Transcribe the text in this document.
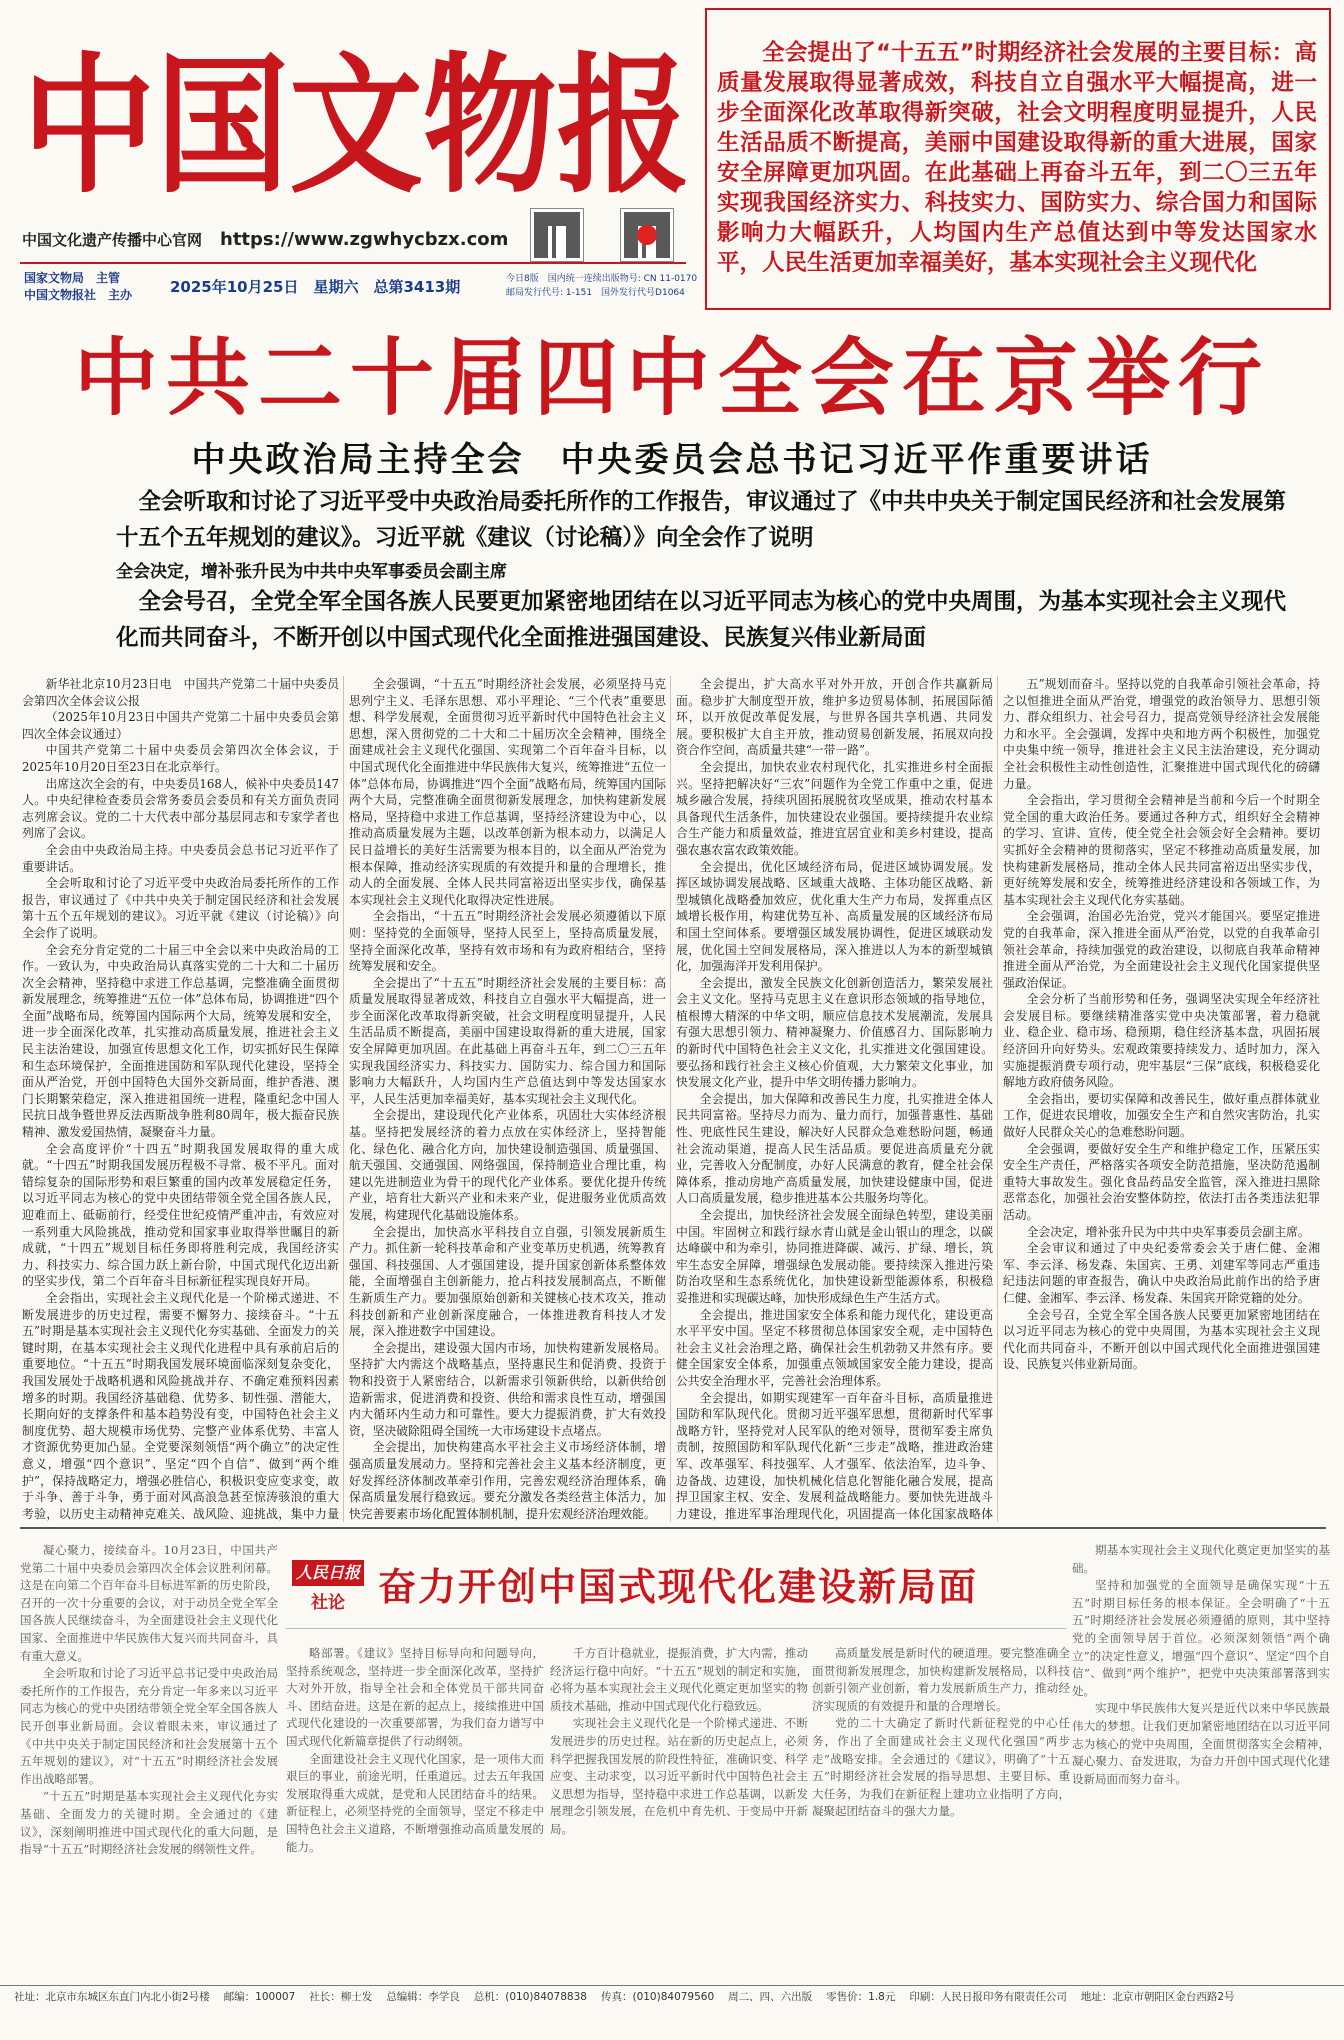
中国文物报
中国文化遗产传播中心官网 https://www.zgwhycbzx.com
国家文物局　主管
中国文物报社　主办	2025年10月25日　星期六　总第3413期	今日8版　国内统一连续出版物号: CN 11-0170
邮局发行代号: 1-151　国外发行代号D1064
全会提出了“十五五”时期经济社会发展的主要目标：高质量发展取得显著成效，科技自立自强水平大幅提高，进一步全面深化改革取得新突破，社会文明程度明显提升，人民生活品质不断提高，美丽中国建设取得新的重大进展，国家安全屏障更加巩固。在此基础上再奋斗五年，到二〇三五年实现我国经济实力、科技实力、国防实力、综合国力和国际影响力大幅跃升，人均国内生产总值达到中等发达国家水平，人民生活更加幸福美好，基本实现社会主义现代化
中共二十届四中全会在京举行
中央政治局主持全会 中央委员会总书记习近平作重要讲话
全会听取和讨论了习近平受中央政治局委托所作的工作报告，审议通过了《中共中央关于制定国民经济和社会发展第十五个五年规划的建议》。习近平就《建议（讨论稿）》向全会作了说明
全会决定，增补张升民为中共中央军事委员会副主席
全会号召，全党全军全国各族人民要更加紧密地团结在以习近平同志为核心的党中央周围，为基本实现社会主义现代化而共同奋斗，不断开创以中国式现代化全面推进强国建设、民族复兴伟业新局面

新华社北京10月23日电　中国共产党第二十届中央委员会第四次全体会议公报

（2025年10月23日中国共产党第二十届中央委员会第四次全体会议通过）

中国共产党第二十届中央委员会第四次全体会议，于2025年10月20日至23日在北京举行。

出席这次全会的有，中央委员168人，候补中央委员147人。中央纪律检查委员会常务委员会委员和有关方面负责同志列席会议。党的二十大代表中部分基层同志和专家学者也列席了会议。

全会由中央政治局主持。中央委员会总书记习近平作了重要讲话。

全会听取和讨论了习近平受中央政治局委托所作的工作报告，审议通过了《中共中央关于制定国民经济和社会发展第十五个五年规划的建议》。习近平就《建议（讨论稿）》向全会作了说明。

全会充分肯定党的二十届三中全会以来中央政治局的工作。一致认为，中央政治局认真落实党的二十大和二十届历次全会精神，坚持稳中求进工作总基调，完整准确全面贯彻新发展理念，统筹推进“五位一体”总体布局，协调推进“四个全面”战略布局，统筹国内国际两个大局，统筹发展和安全，进一步全面深化改革，扎实推动高质量发展，推进社会主义民主法治建设，加强宣传思想文化工作，切实抓好民生保障和生态环境保护，全面推进国防和军队现代化建设，坚持全面从严治党，开创中国特色大国外交新局面，维护香港、澳门长期繁荣稳定，深入推进祖国统一进程，隆重纪念中国人民抗日战争暨世界反法西斯战争胜利80周年，极大振奋民族精神、激发爱国热情，凝聚奋斗力量。

全会高度评价“十四五”时期我国发展取得的重大成就。“十四五”时期我国发展历程极不寻常、极不平凡。面对错综复杂的国际形势和艰巨繁重的国内改革发展稳定任务，以习近平同志为核心的党中央团结带领全党全国各族人民，迎难而上、砥砺前行，经受住世纪疫情严重冲击，有效应对一系列重大风险挑战，推动党和国家事业取得举世瞩目的新成就，“十四五”规划目标任务即将胜利完成，我国经济实力、科技实力、综合国力跃上新台阶，中国式现代化迈出新的坚实步伐，第二个百年奋斗目标新征程实现良好开局。

全会指出，实现社会主义现代化是一个阶梯式递进、不断发展进步的历史过程，需要不懈努力、接续奋斗。“十五五”时期是基本实现社会主义现代化夯实基础、全面发力的关键时期，在基本实现社会主义现代化进程中具有承前启后的重要地位。“十五五”时期我国发展环境面临深刻复杂变化，我国发展处于战略机遇和风险挑战并存、不确定难预料因素增多的时期。我国经济基础稳、优势多、韧性强、潜能大，长期向好的支撑条件和基本趋势没有变，中国特色社会主义制度优势、超大规模市场优势、完整产业体系优势、丰富人才资源优势更加凸显。全党要深刻领悟“两个确立”的决定性意义，增强“四个意识”、坚定“四个自信”、做到“两个维护”，保持战略定力，增强必胜信心，积极识变应变求变，敢于斗争、善于斗争，勇于面对风高浪急甚至惊涛骇浪的重大考验，以历史主动精神克难关、战风险、迎挑战，集中力量

全会强调，“十五五”时期经济社会发展，必须坚持马克思列宁主义、毛泽东思想、邓小平理论、“三个代表”重要思想、科学发展观，全面贯彻习近平新时代中国特色社会主义思想，深入贯彻党的二十大和二十届历次全会精神，围绕全面建成社会主义现代化强国、实现第二个百年奋斗目标，以中国式现代化全面推进中华民族伟大复兴，统筹推进“五位一体”总体布局，协调推进“四个全面”战略布局，统筹国内国际两个大局，完整准确全面贯彻新发展理念，加快构建新发展格局，坚持稳中求进工作总基调，坚持经济建设为中心，以推动高质量发展为主题，以改革创新为根本动力，以满足人民日益增长的美好生活需要为根本目的，以全面从严治党为根本保障，推动经济实现质的有效提升和量的合理增长，推动人的全面发展、全体人民共同富裕迈出坚实步伐，确保基本实现社会主义现代化取得决定性进展。

全会指出，“十五五”时期经济社会发展必须遵循以下原则：坚持党的全面领导，坚持人民至上，坚持高质量发展，坚持全面深化改革，坚持有效市场和有为政府相结合，坚持统筹发展和安全。

全会提出了“十五五”时期经济社会发展的主要目标：高质量发展取得显著成效，科技自立自强水平大幅提高，进一步全面深化改革取得新突破，社会文明程度明显提升，人民生活品质不断提高，美丽中国建设取得新的重大进展，国家安全屏障更加巩固。在此基础上再奋斗五年，到二〇三五年实现我国经济实力、科技实力、国防实力、综合国力和国际影响力大幅跃升，人均国内生产总值达到中等发达国家水平，人民生活更加幸福美好，基本实现社会主义现代化。

全会提出，建设现代化产业体系，巩固壮大实体经济根基。坚持把发展经济的着力点放在实体经济上，坚持智能化、绿色化、融合化方向，加快建设制造强国、质量强国、航天强国、交通强国、网络强国，保持制造业合理比重，构建以先进制造业为骨干的现代化产业体系。要优化提升传统产业，培育壮大新兴产业和未来产业，促进服务业优质高效发展，构建现代化基础设施体系。

全会提出，加快高水平科技自立自强，引领发展新质生产力。抓住新一轮科技革命和产业变革历史机遇，统筹教育强国、科技强国、人才强国建设，提升国家创新体系整体效能，全面增强自主创新能力，抢占科技发展制高点，不断催生新质生产力。要加强原始创新和关键核心技术攻关，推动科技创新和产业创新深度融合，一体推进教育科技人才发展，深入推进数字中国建设。

全会提出，建设强大国内市场，加快构建新发展格局。坚持扩大内需这个战略基点，坚持惠民生和促消费、投资于物和投资于人紧密结合，以新需求引领新供给，以新供给创造新需求，促进消费和投资、供给和需求良性互动，增强国内大循环内生动力和可靠性。要大力提振消费，扩大有效投资，坚决破除阻碍全国统一大市场建设卡点堵点。

全会提出，加快构建高水平社会主义市场经济体制，增强高质量发展动力。坚持和完善社会主义基本经济制度，更好发挥经济体制改革牵引作用，完善宏观经济治理体系，确保高质量发展行稳致远。要充分激发各类经营主体活力，加快完善要素市场化配置体制机制，提升宏观经济治理效能。

全会提出，扩大高水平对外开放，开创合作共赢新局面。稳步扩大制度型开放，维护多边贸易体制，拓展国际循环，以开放促改革促发展，与世界各国共享机遇、共同发展。要积极扩大自主开放，推动贸易创新发展，拓展双向投资合作空间，高质量共建“一带一路”。

全会提出，加快农业农村现代化，扎实推进乡村全面振兴。坚持把解决好“三农”问题作为全党工作重中之重，促进城乡融合发展，持续巩固拓展脱贫攻坚成果，推动农村基本具备现代生活条件，加快建设农业强国。要持续提升农业综合生产能力和质量效益，推进宜居宜业和美乡村建设，提高强农惠农富农政策效能。

全会提出，优化区域经济布局，促进区域协调发展。发挥区域协调发展战略、区域重大战略、主体功能区战略、新型城镇化战略叠加效应，优化重大生产力布局，发挥重点区域增长极作用，构建优势互补、高质量发展的区域经济布局和国土空间体系。要增强区域发展协调性，促进区域联动发展，优化国土空间发展格局，深入推进以人为本的新型城镇化，加强海洋开发利用保护。

全会提出，激发全民族文化创新创造活力，繁荣发展社会主义文化。坚持马克思主义在意识形态领域的指导地位，植根博大精深的中华文明，顺应信息技术发展潮流，发展具有强大思想引领力、精神凝聚力、价值感召力、国际影响力的新时代中国特色社会主义文化，扎实推进文化强国建设。要弘扬和践行社会主义核心价值观，大力繁荣文化事业，加快发展文化产业，提升中华文明传播力影响力。

全会提出，加大保障和改善民生力度，扎实推进全体人民共同富裕。坚持尽力而为、量力而行，加强普惠性、基础性、兜底性民生建设，解决好人民群众急难愁盼问题，畅通社会流动渠道，提高人民生活品质。要促进高质量充分就业，完善收入分配制度，办好人民满意的教育，健全社会保障体系，推动房地产高质量发展，加快建设健康中国，促进人口高质量发展，稳步推进基本公共服务均等化。

全会提出，加快经济社会发展全面绿色转型，建设美丽中国。牢固树立和践行绿水青山就是金山银山的理念，以碳达峰碳中和为牵引，协同推进降碳、减污、扩绿、增长，筑牢生态安全屏障，增强绿色发展动能。要持续深入推进污染防治攻坚和生态系统优化，加快建设新型能源体系，积极稳妥推进和实现碳达峰，加快形成绿色生产生活方式。

全会提出，推进国家安全体系和能力现代化，建设更高水平平安中国。坚定不移贯彻总体国家安全观，走中国特色社会主义社会治理之路，确保社会生机勃勃又井然有序。要健全国家安全体系，加强重点领域国家安全能力建设，提高公共安全治理水平，完善社会治理体系。

全会提出，如期实现建军一百年奋斗目标，高质量推进国防和军队现代化。贯彻习近平强军思想，贯彻新时代军事战略方针，坚持党对人民军队的绝对领导，贯彻军委主席负责制，按照国防和军队现代化新“三步走”战略，推进政治建军、改革强军、科技强军、人才强军、依法治军，边斗争、边备战、边建设，加快机械化信息化智能化融合发展，提高捍卫国家主权、安全、发展利益战略能力。要加快先进战斗力建设，推进军事治理现代化，巩固提高一体化国家战略体

五”规划而奋斗。坚持以党的自我革命引领社会革命，持之以恒推进全面从严治党，增强党的政治领导力、思想引领力、群众组织力、社会号召力，提高党领导经济社会发展能力和水平。全会强调，发挥中央和地方两个积极性，加强党中央集中统一领导，推进社会主义民主法治建设，充分调动全社会积极性主动性创造性，汇聚推进中国式现代化的磅礴力量。

全会指出，学习贯彻全会精神是当前和今后一个时期全党全国的重大政治任务。要通过各种方式，组织好全会精神的学习、宣讲、宣传，使全党全社会领会好全会精神。要切实抓好全会精神的贯彻落实，坚定不移推动高质量发展，加快构建新发展格局，推动全体人民共同富裕迈出坚实步伐，更好统筹发展和安全，统筹推进经济建设和各领域工作，为基本实现社会主义现代化夯实基础。

全会强调，治国必先治党，党兴才能国兴。要坚定推进党的自我革命，深入推进全面从严治党，以党的自我革命引领社会革命，持续加强党的政治建设，以彻底自我革命精神推进全面从严治党，为全面建设社会主义现代化国家提供坚强政治保证。

全会分析了当前形势和任务，强调坚决实现全年经济社会发展目标。要继续精准落实党中央决策部署，着力稳就业、稳企业、稳市场、稳预期，稳住经济基本盘，巩固拓展经济回升向好势头。宏观政策要持续发力、适时加力，深入实施提振消费专项行动，兜牢基层“三保”底线，积极稳妥化解地方政府债务风险。

全会指出，要切实保障和改善民生，做好重点群体就业工作，促进农民增收，加强安全生产和自然灾害防治，扎实做好人民群众关心的急难愁盼问题。

全会强调，要做好安全生产和维护稳定工作，压紧压实安全生产责任，严格落实各项安全防范措施，坚决防范遏制重特大事故发生。强化食品药品安全监管，深入推进扫黑除恶常态化，加强社会治安整体防控，依法打击各类违法犯罪活动。

全会决定，增补张升民为中共中央军事委员会副主席。

全会审议和通过了中央纪委常委会关于唐仁健、金湘军、李云泽、杨发森、朱国宾、王勇、刘建军等同志严重违纪违法问题的审查报告，确认中央政治局此前作出的给予唐仁健、金湘军、李云泽、杨发森、朱国宾开除党籍的处分。

全会号召，全党全军全国各族人民要更加紧密地团结在以习近平同志为核心的党中央周围，为基本实现社会主义现代化而共同奋斗，不断开创以中国式现代化全面推进强国建设、民族复兴伟业新局面。

凝心聚力，接续奋斗。10月23日，中国共产党第二十届中央委员会第四次全体会议胜利闭幕。这是在向第二个百年奋斗目标进军新的历史阶段，召开的一次十分重要的会议，对于动员全党全军全国各族人民继续奋斗，为全面建设社会主义现代化国家、全面推进中华民族伟大复兴而共同奋斗，具有重大意义。

全会听取和讨论了习近平总书记受中央政治局委托所作的工作报告，充分肯定一年多来以习近平同志为核心的党中央团结带领全党全军全国各族人民开创事业新局面。会议着眼未来，审议通过了《中共中央关于制定国民经济和社会发展第十五个五年规划的建议》，对“十五五”时期经济社会发展作出战略部署。

“十五五”时期是基本实现社会主义现代化夯实基础、全面发力的关键时期。全会通过的《建议》，深刻阐明推进中国式现代化的重大问题，是指导“十五五”时期经济社会发展的纲领性文件。

人民日报
社论 奋力开创中国式现代化建设新局面

略部署。《建议》坚持目标导向和问题导向，坚持系统观念，坚持进一步全面深化改革，坚持扩大对外开放，指导全社会和全体党员干部共同奋斗、团结奋进。这是在新的起点上，接续推进中国式现代化建设的一次重要部署，为我们奋力谱写中国式现代化新篇章提供了行动纲领。

全面建设社会主义现代化国家，是一项伟大而艰巨的事业，前途光明，任重道远。过去五年我国发展取得重大成就，是党和人民团结奋斗的结果。新征程上，必须坚持党的全面领导，坚定不移走中国特色社会主义道路，不断增强推动高质量发展的能力。

千方百计稳就业，提振消费，扩大内需，推动经济运行稳中向好。“十五五”规划的制定和实施，必将为基本实现社会主义现代化奠定更加坚实的物质技术基础，推动中国式现代化行稳致远。

实现社会主义现代化是一个阶梯式递进、不断发展进步的历史过程。站在新的历史起点上，必须科学把握我国发展的阶段性特征，准确识变、科学应变、主动求变，以习近平新时代中国特色社会主义思想为指导，坚持稳中求进工作总基调，以新发展理念引领发展，在危机中育先机、于变局中开新局。

高质量发展是新时代的硬道理。要完整准确全面贯彻新发展理念，加快构建新发展格局，以科技创新引领产业创新，着力发展新质生产力，推动经济实现质的有效提升和量的合理增长。

党的二十大确定了新时代新征程党的中心任务，作出了全面建成社会主义现代化强国“两步走”战略安排。全会通过的《建议》，明确了“十五五”时期经济社会发展的指导思想、主要目标、重大任务，为我们在新征程上建功立业指明了方向，凝聚起团结奋斗的强大力量。

期基本实现社会主义现代化奠定更加坚实的基础。

坚持和加强党的全面领导是确保实现“十五五”时期目标任务的根本保证。全会明确了“十五五”时期经济社会发展必须遵循的原则，其中坚持党的全面领导居于首位。必须深刻领悟“两个确立”的决定性意义，增强“四个意识”、坚定“四个自信”、做到“两个维护”，把党中央决策部署落到实处。

实现中华民族伟大复兴是近代以来中华民族最伟大的梦想。让我们更加紧密地团结在以习近平同志为核心的党中央周围，全面贯彻落实全会精神，凝心聚力、奋发进取，为奋力开创中国式现代化建设新局面而努力奋斗。

社址：北京市东城区东直门内北小街2号楼 邮编：100007 社长：柳士发 总编辑：李学良 总机：(010)84078838 传真：(010)84079560 周二、四、六出版 零售价：1.8元 印刷：人民日报印务有限责任公司 地址：北京市朝阳区金台西路2号
